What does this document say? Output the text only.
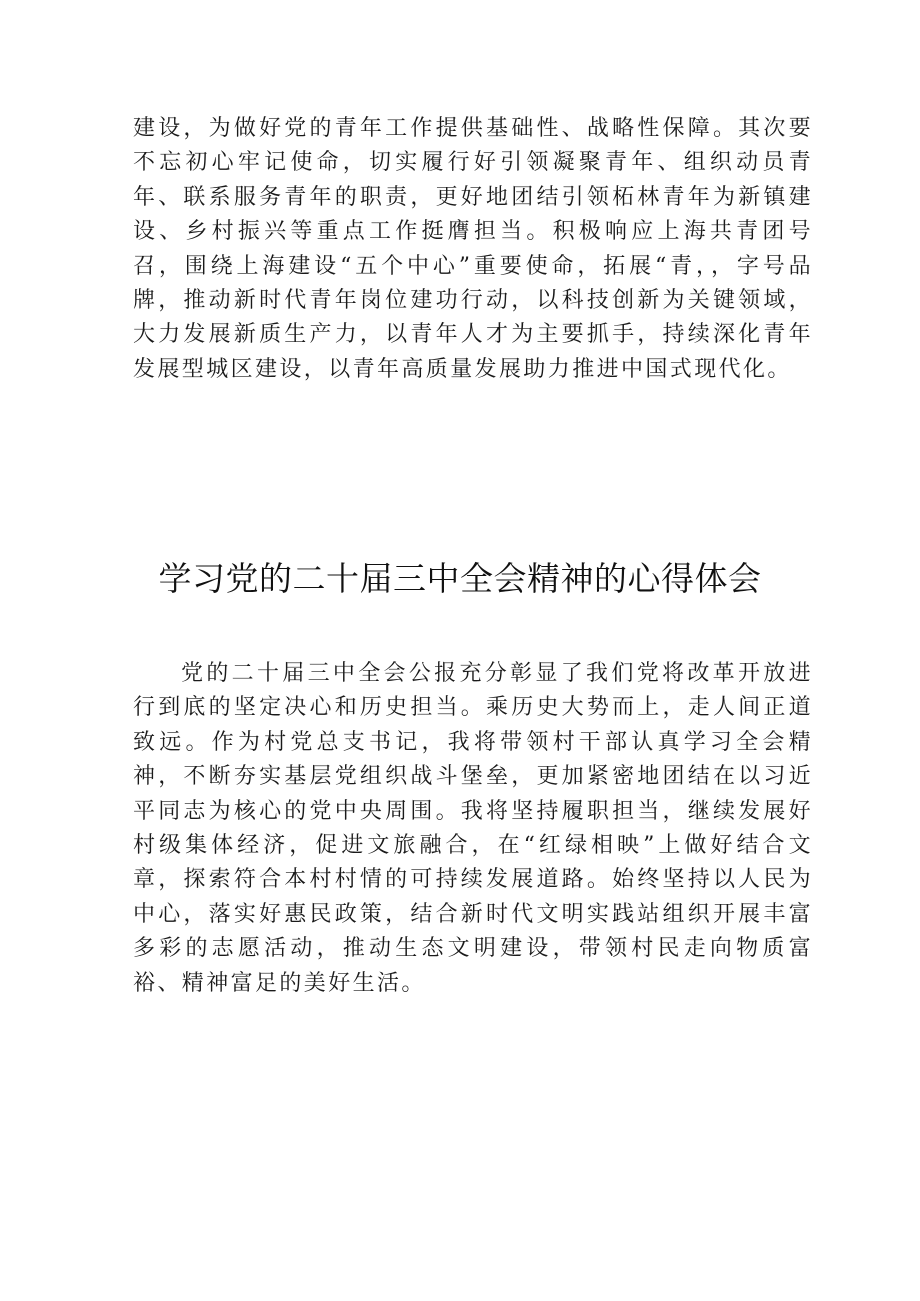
建设，为做好党的青年工作提供基础性、战略性保障。其次要不忘初心牢记使命，切实履行好引领凝聚青年、组织动员青年、联系服务青年的职责，更好地团结引领柘林青年为新镇建设、乡村振兴等重点工作挺膺担当。积极响应上海共青团号召，围绕上海建设“五个中心”重要使命，拓展“青，，字号品牌，推动新时代青年岗位建功行动，以科技创新为关键领域，大力发展新质生产力，以青年人才为主要抓手，持续深化青年发展型城区建设，以青年高质量发展助力推进中国式现代化。

学习党的二十届三中全会精神的心得体会

党的二十届三中全会公报充分彰显了我们党将改革开放进行到底的坚定决心和历史担当。乘历史大势而上，走人间正道致远。作为村党总支书记，我将带领村干部认真学习全会精神，不断夯实基层党组织战斗堡垒，更加紧密地团结在以习近平同志为核心的党中央周围。我将坚持履职担当，继续发展好村级集体经济，促进文旅融合，在“红绿相映”上做好结合文章，探索符合本村村情的可持续发展道路。始终坚持以人民为中心，落实好惠民政策，结合新时代文明实践站组织开展丰富多彩的志愿活动，推动生态文明建设，带领村民走向物质富裕、精神富足的美好生活。
